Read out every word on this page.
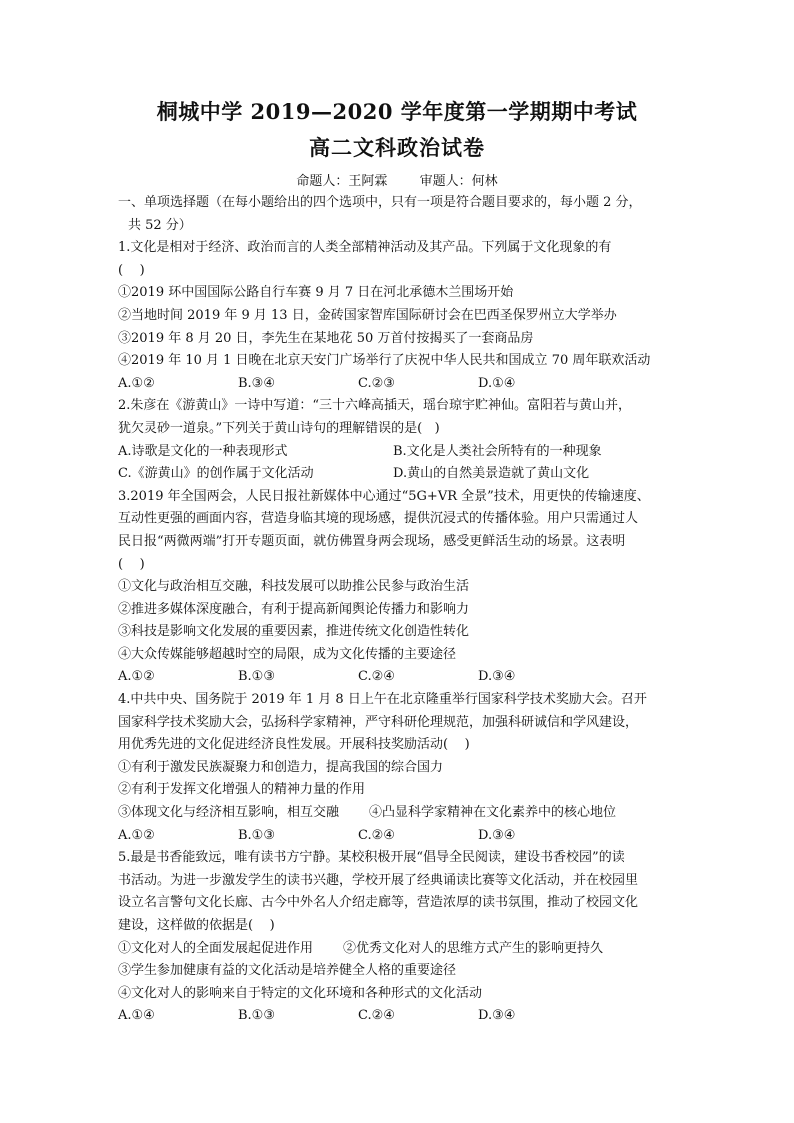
桐城中学 2019—2020 学年度第一学期期中考试
高二文科政治试卷
命题人：王阿霖 审题人：何林
一、单项选择题（在每小题给出的四个选项中，只有一项是符合题目要求的，每小题 2 分，
共 52 分）
1.文化是相对于经济、政治而言的人类全部精神活动及其产品。下列属于文化现象的有
(    )
①2019 环中国国际公路自行车赛 9 月 7 日在河北承德木兰围场开始
②当地时间 2019 年 9 月 13 日，金砖国家智库国际研讨会在巴西圣保罗州立大学举办
③2019 年 8 月 20 日，李先生在某地花 50 万首付按揭买了一套商品房
④2019 年 10 月 1 日晚在北京天安门广场举行了庆祝中华人民共和国成立 70 周年联欢活动
A.①②	B.③④	C.②③	D.①④
2.朱彦在《游黄山》一诗中写道：“三十六峰高插天，瑶台琼宇贮神仙。富阳若与黄山并，
犹欠灵砂一道泉。”下列关于黄山诗句的理解错误的是(   )
A.诗歌是文化的一种表现形式	B.文化是人类社会所特有的一种现象
C.《游黄山》的创作属于文化活动	D.黄山的自然美景造就了黄山文化
3.2019 年全国两会，人民日报社新媒体中心通过“5G+VR 全景”技术，用更快的传输速度、
互动性更强的画面内容，营造身临其境的现场感，提供沉浸式的传播体验。用户只需通过人
民日报“两微两端”打开专题页面，就仿佛置身两会现场，感受更鲜活生动的场景。这表明
(    )
①文化与政治相互交融，科技发展可以助推公民参与政治生活
②推进多媒体深度融合，有利于提高新闻舆论传播力和影响力
③科技是影响文化发展的重要因素，推进传统文化创造性转化
④大众传媒能够超越时空的局限，成为文化传播的主要途径
A.①②	B.①③	C.②④	D.③④
4.中共中央、国务院于 2019 年 1 月 8 日上午在北京隆重举行国家科学技术奖励大会。召开
国家科学技术奖励大会，弘扬科学家精神，严守科研伦理规范，加强科研诚信和学风建设，
用优秀先进的文化促进经济良性发展。开展科技奖励活动(    )
①有利于激发民族凝聚力和创造力，提高我国的综合国力
②有利于发挥文化增强人的精神力量的作用
③体现文化与经济相互影响，相互交融 ④凸显科学家精神在文化素养中的核心地位
A.①②	B.①③	C.②④	D.③④
5.最是书香能致远，唯有读书方宁静。某校积极开展“倡导全民阅读，建设书香校园”的读
书活动。为进一步激发学生的读书兴趣，学校开展了经典诵读比赛等文化活动，并在校园里
设立名言警句文化长廊、古今中外名人介绍走廊等，营造浓厚的读书氛围，推动了校园文化
建设，这样做的依据是(    )
①文化对人的全面发展起促进作用 ②优秀文化对人的思维方式产生的影响更持久
③学生参加健康有益的文化活动是培养健全人格的重要途径
④文化对人的影响来自于特定的文化环境和各种形式的文化活动
A.①④	B.①③	C.②④	D.③④
